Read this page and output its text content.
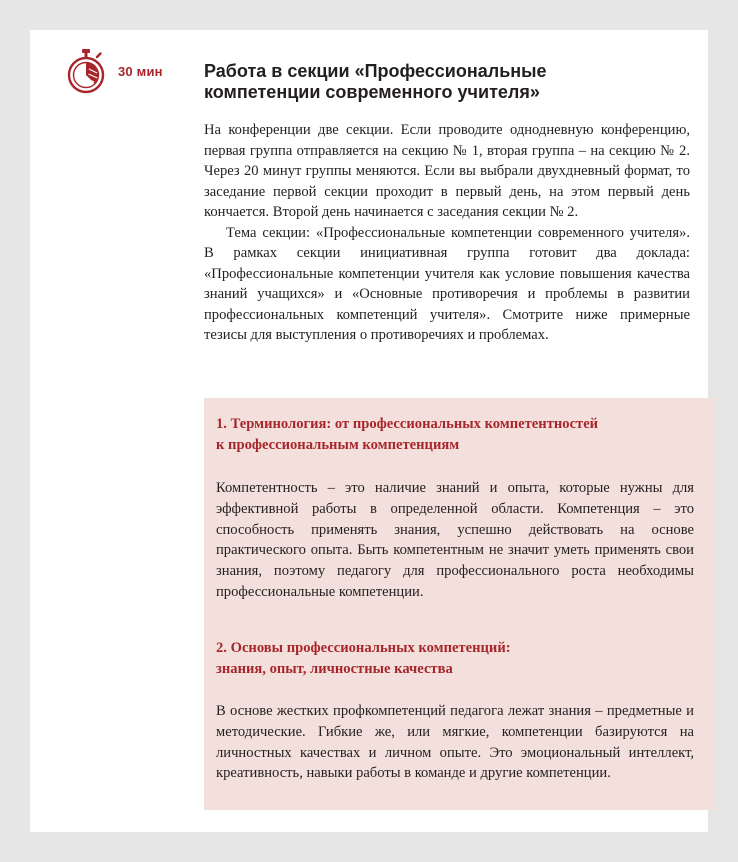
30 мин Работа в секции «Профессиональные
компетенции современного учителя»

На конференции две секции. Если проводите однодневную конференцию, первая группа отправляется на секцию № 1, вторая группа – на секцию № 2. Через 20 минут группы меняются. Если вы выбрали двухдневный формат, то заседание первой секции проходит в первый день, на этом первый день кончается. Второй день начинается с заседания секции № 2.

Тема секции: «Профессиональные компетенции современного учителя». В рамках секции инициативная группа готовит два доклада: «Профессиональные компетенции учителя как условие повышения качества знаний учащихся» и «Основные противоречия и проблемы в развитии профессиональных компетенций учителя». Смотрите ниже примерные тезисы для выступления о противоречиях и проблемах.

1. Терминология: от профессиональных компетентностей
к профессиональным компетенциям

Компетентность – это наличие знаний и опыта, которые нужны для эффективной работы в определенной области. Компетенция – это способность применять знания, успешно действовать на основе практического опыта. Быть компетентным не значит уметь применять свои знания, поэтому педагогу для профессионального роста необходимы профессиональные компетенции.

2. Основы профессиональных компетенций:
знания, опыт, личностные качества

В основе жестких профкомпетенций педагога лежат знания – предметные и методические. Гибкие же, или мягкие, компетенции базируются на личностных качествах и личном опыте. Это эмоциональный интеллект, креативность, навыки работы в команде и другие компетенции.
